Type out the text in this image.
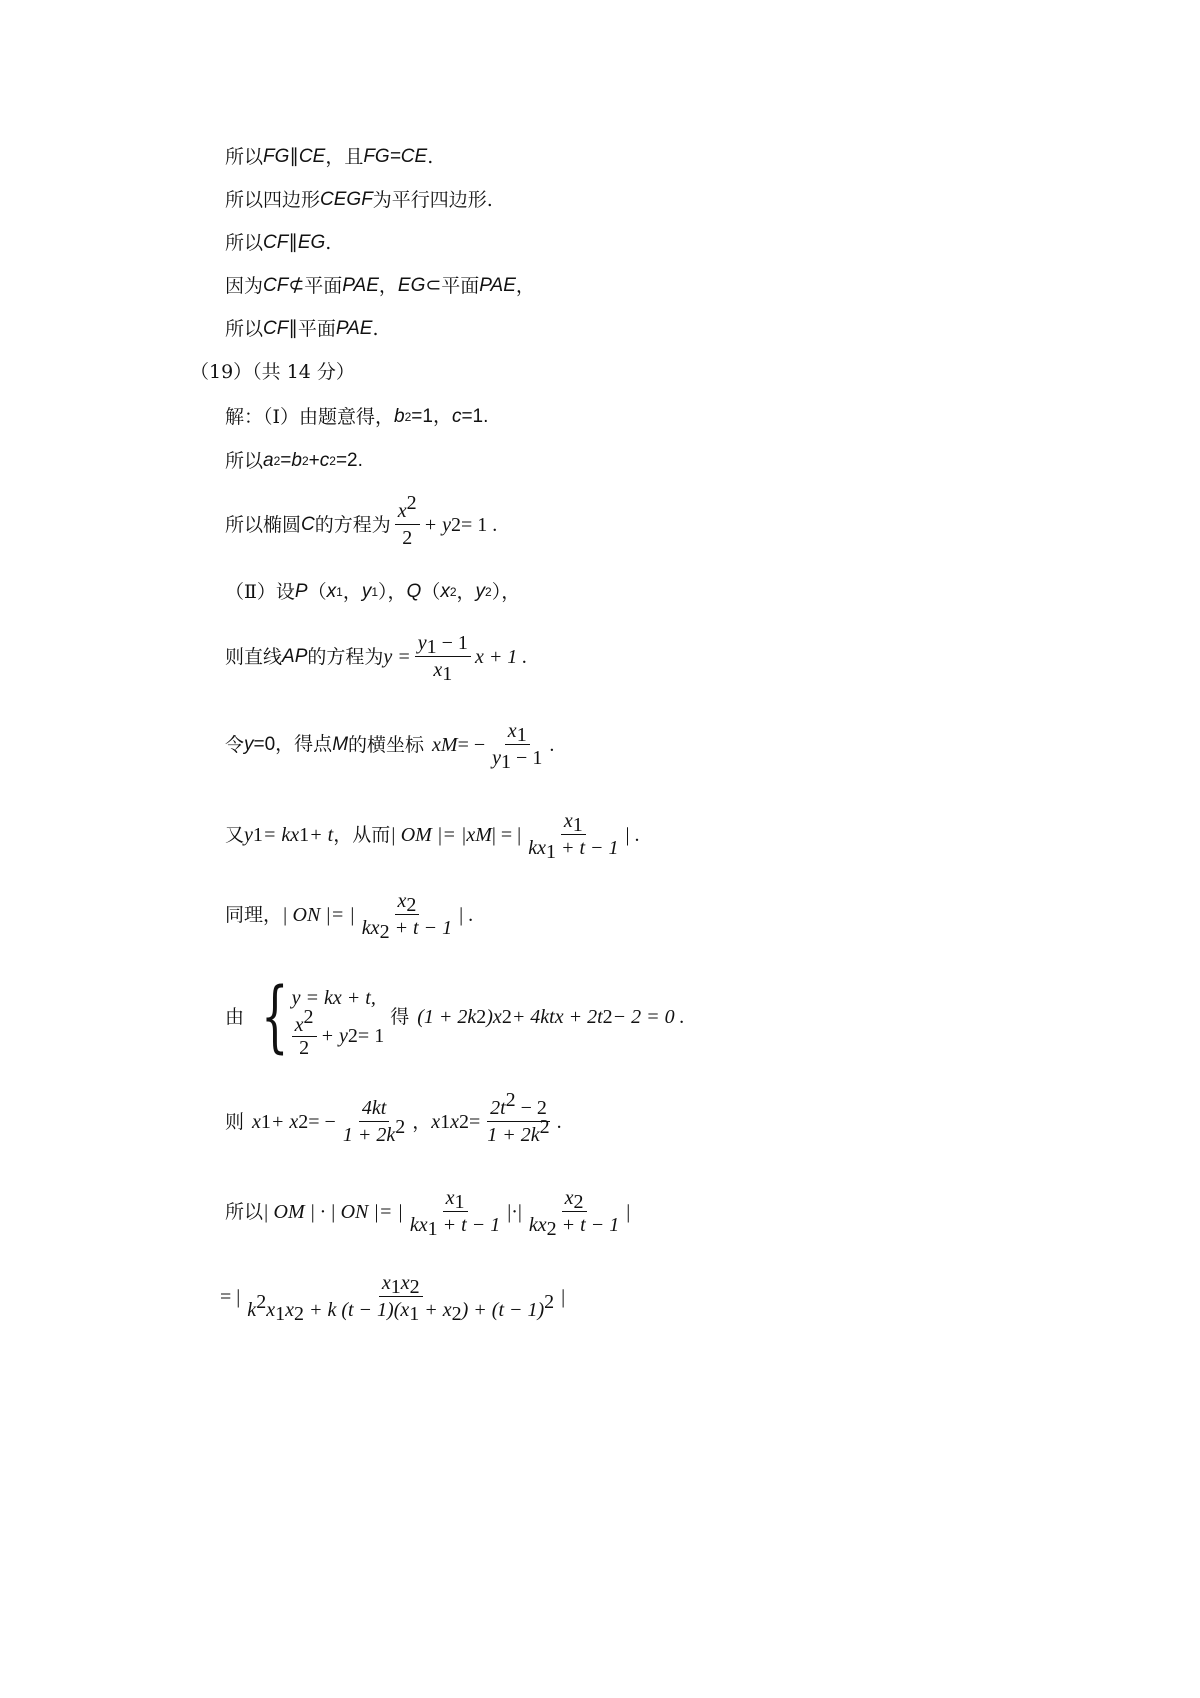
所以 FG ∥ CE ，且 FG=CE .
所以四边形 CEGF 为平行四边形.
所以 CF ∥ EG .
因为 CF ⊄ 平面 PAE ， EG ⊂ 平面 PAE ，
所以 CF ∥ 平面 PAE .
（19）（共 14 分）
解：（I）由题意得， b 2 =1， c =1.
所以 a 2 = b 2 + c 2 =2.
所以椭圆 C 的方程为 $\frac{x^2}{2} + y$ 2 = 1 .
（Ⅱ）设 P （ x 1 ， y 1 ）， Q （ x 2 ， y 2 ），
则直线 AP 的方程为 $y = \frac{y_1 - 1}{x_1}$ x + 1 .
令 y =0，得点 M 的横坐标 x M = − $\frac{x_1}{y_1 - 1}$ .
又 y 1 = kx 1 + t ，从而 | OM |= |x M | = | $\frac{x_1}{kx_1 + t - 1}$ | .
同理， | ON |= | $\frac{x_2}{kx_2 + t - 1}$ | .
由 { y = kx + t,
$\frac{x^2}{2} + y$ 2 = 1
得 (1 + 2k 2 )x 2 + 4ktx + 2t 2 − 2 = 0 .
则 x 1 + x 2 = − $\frac{4kt}{1 + 2k^2}$ ， x 1 x $2 = \frac{2t^2 - 2}{1 + 2k^2}$ .
所以 | OM | · | ON |= | $\frac{x_1}{kx_1 + t - 1}$ |·| $\frac{x_2}{kx_2 + t - 1}$ |
= | $\frac{x_1x_2}{k^2x_1x_2 + k (t - 1)(x_1 + x_2) + (t - 1)^2}$ |
